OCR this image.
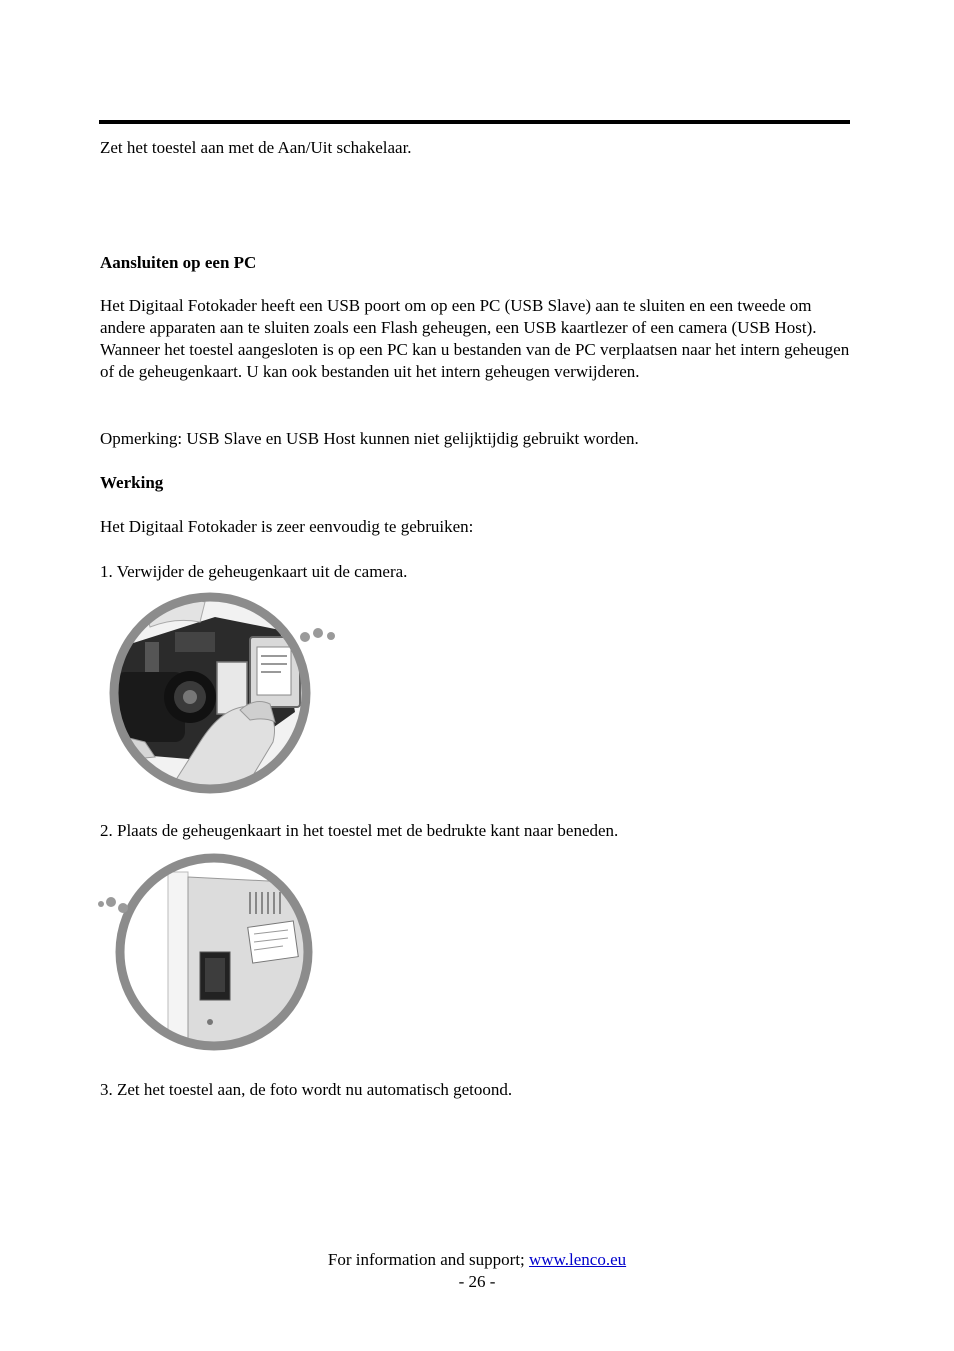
Zet het toestel aan met de Aan/Uit schakelaar.

Aansluiten op een PC

Het Digitaal Fotokader heeft een USB poort om op een PC (USB Slave) aan te sluiten en een tweede om andere apparaten aan te sluiten zoals een Flash geheugen, een USB kaartlezer of een camera (USB Host). Wanneer het toestel aangesloten is op een PC kan u bestanden van de PC verplaatsen naar het intern geheugen of de geheugenkaart. U kan ook bestanden uit het intern geheugen verwijderen.

Opmerking: USB Slave en USB Host kunnen niet gelijktijdig gebruikt worden.

Werking

Het Digitaal Fotokader is zeer eenvoudig te gebruiken:

1. Verwijder de geheugenkaart uit de camera.

2. Plaats de geheugenkaart in het toestel met de bedrukte kant naar beneden.

3. Zet het toestel aan, de foto wordt nu automatisch getoond.

For information and support; www.lenco.eu
- 26 -
